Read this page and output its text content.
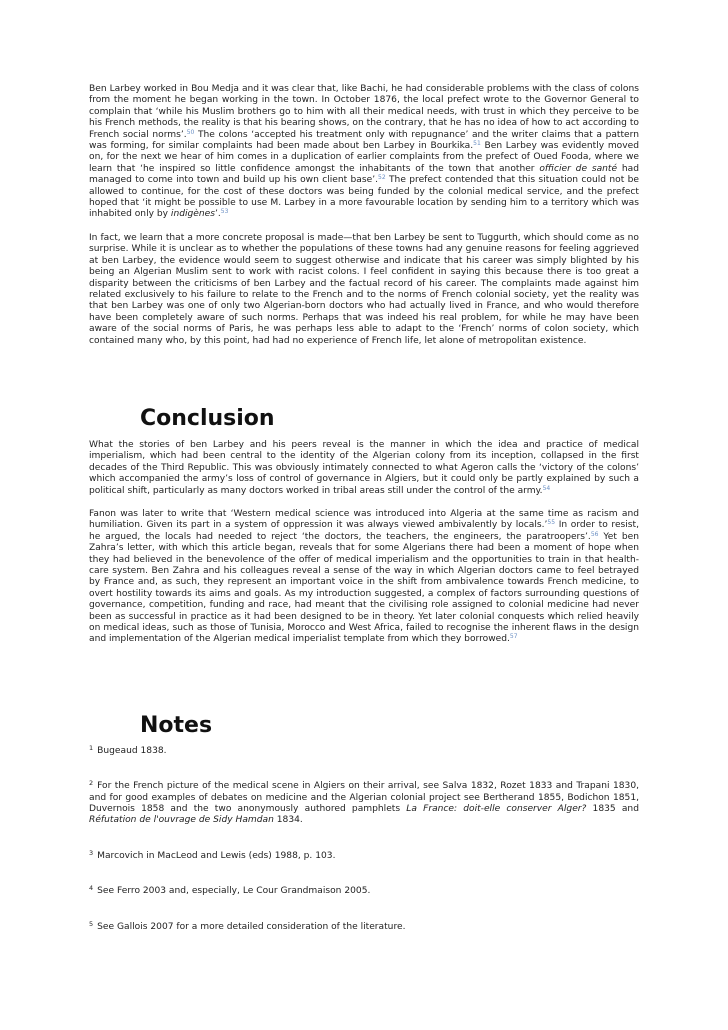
Ben Larbey worked in Bou Medja and it was clear that, like Bachi, he had considerable problems with the class of colons from the moment he began working in the town. In October 1876, the local prefect wrote to the Governor General to complain that ‘while his Muslim brothers go to him with all their medical needs, with trust in which they perceive to be his French methods, the reality is that his bearing shows, on the contrary, that he has no idea of how to act according to French social norms’.$^{50}$ The colons ‘accepted his treatment only with repugnance’ and the writer claims that a pattern was forming, for similar complaints had been made about ben Larbey in Bourkika.$^{51}$ Ben Larbey was evidently moved on, for the next we hear of him comes in a duplication of earlier complaints from the prefect of Oued Fooda, where we learn that ‘he inspired so little confidence amongst the inhabitants of the town that another officier de santé had managed to come into town and build up his own client base’.$^{52}$ The prefect contended that this situation could not be allowed to continue, for the cost of these doctors was being funded by the colonial medical service, and the prefect hoped that ‘it might be possible to use M. Larbey in a more favourable location by sending him to a territory which was inhabited only by indigènes’.$^{53}$

In fact, we learn that a more concrete proposal is made—that ben Larbey be sent to Tuggurth, which should come as no surprise. While it is unclear as to whether the populations of these towns had any genuine reasons for feeling aggrieved at ben Larbey, the evidence would seem to suggest otherwise and indicate that his career was simply blighted by his being an Algerian Muslim sent to work with racist colons. I feel confident in saying this because there is too great a disparity between the criticisms of ben Larbey and the factual record of his career. The complaints made against him related exclusively to his failure to relate to the French and to the norms of French colonial society, yet the reality was that ben Larbey was one of only two Algerian-born doctors who had actually lived in France, and who would therefore have been completely aware of such norms. Perhaps that was indeed his real problem, for while he may have been aware of the social norms of Paris, he was perhaps less able to adapt to the ‘French’ norms of colon society, which contained many who, by this point, had had no experience of French life, let alone of metropolitan existence.

Conclusion

What the stories of ben Larbey and his peers reveal is the manner in which the idea and practice of medical imperialism, which had been central to the identity of the Algerian colony from its inception, collapsed in the first decades of the Third Republic. This was obviously intimately connected to what Ageron calls the ‘victory of the colons’ which accompanied the army’s loss of control of governance in Algiers, but it could only be partly explained by such a political shift, particularly as many doctors worked in tribal areas still under the control of the army.$^{54}$

Fanon was later to write that ‘Western medical science was introduced into Algeria at the same time as racism and humiliation. Given its part in a system of oppression it was always viewed ambivalently by locals.’$^{55}$ In order to resist, he argued, the locals had needed to reject ‘the doctors, the teachers, the engineers, the paratroopers’.$^{56}$ Yet ben Zahra’s letter, with which this article began, reveals that for some Algerians there had been a moment of hope when they had believed in the benevolence of the offer of medical imperialism and the opportunities to train in that health-care system. Ben Zahra and his colleagues reveal a sense of the way in which Algerian doctors came to feel betrayed by France and, as such, they represent an important voice in the shift from ambivalence towards French medicine, to overt hostility towards its aims and goals. As my introduction suggested, a complex of factors surrounding questions of governance, competition, funding and race, had meant that the civilising role assigned to colonial medicine had never been as successful in practice as it had been designed to be in theory. Yet later colonial conquests which relied heavily on medical ideas, such as those of Tunisia, Morocco and West Africa, failed to recognise the inherent flaws in the design and implementation of the Algerian medical imperialist template from which they borrowed.$^{57}$

Notes

$^1$ Bugeaud 1838.

$^2$ For the French picture of the medical scene in Algiers on their arrival, see Salva 1832, Rozet 1833 and Trapani 1830, and for good examples of debates on medicine and the Algerian colonial project see Bertherand 1855, Bodichon 1851, Duvernois 1858 and the two anonymously authored pamphlets La France: doit-elle conserver Alger? 1835 and Réfutation de l'ouvrage de Sidy Hamdan 1834.

$^3$ Marcovich in MacLeod and Lewis (eds) 1988, p. 103.

$^4$ See Ferro 2003 and, especially, Le Cour Grandmaison 2005.

$^5$ See Gallois 2007 for a more detailed consideration of the literature.
